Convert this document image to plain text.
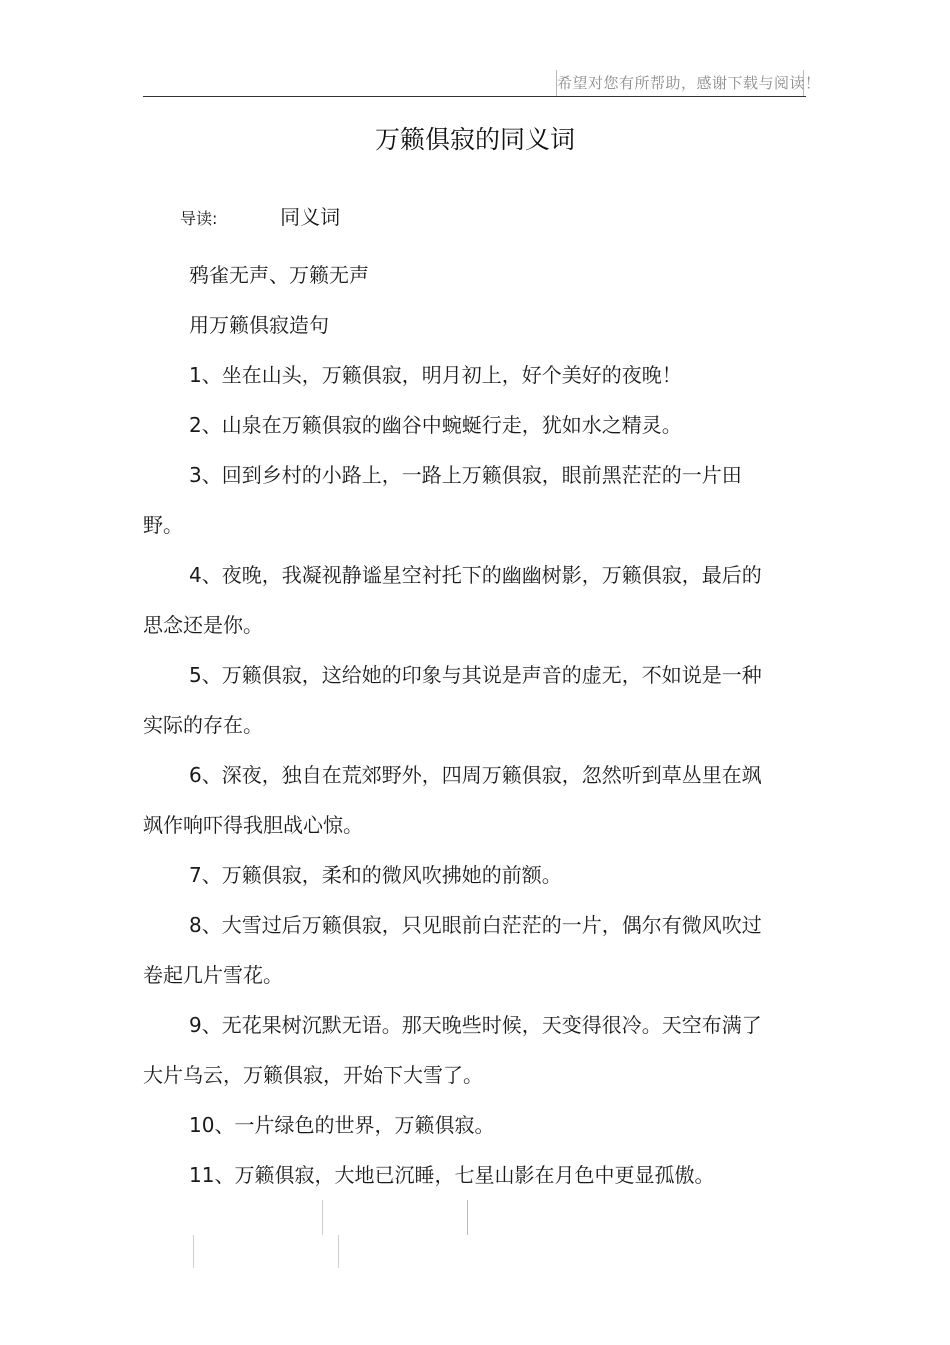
希望对您有所帮助，感谢下载与阅读！
万籁俱寂的同义词
导读:	同义词

鸦雀无声、万籁无声

用万籁俱寂造句

1、坐在山头，万籁俱寂，明月初上，好个美好的夜晚！

2、山泉在万籁俱寂的幽谷中蜿蜒行走，犹如水之精灵。

3、回到乡村的小路上，一路上万籁俱寂，眼前黑茫茫的一片田野。

4、夜晚，我凝视静谧星空衬托下的幽幽树影，万籁俱寂，最后的思念还是你。

5、万籁俱寂，这给她的印象与其说是声音的虚无，不如说是一种实际的存在。

6、深夜，独自在荒郊野外，四周万籁俱寂，忽然听到草丛里在飒飒作响吓得我胆战心惊。

7、万籁俱寂，柔和的微风吹拂她的前额。

8、大雪过后万籁俱寂，只见眼前白茫茫的一片，偶尔有微风吹过卷起几片雪花。

9、无花果树沉默无语。那天晚些时候，天变得很冷。天空布满了大片乌云，万籁俱寂，开始下大雪了。

10、一片绿色的世界，万籁俱寂。

11、万籁俱寂，大地已沉睡，七星山影在月色中更显孤傲。
